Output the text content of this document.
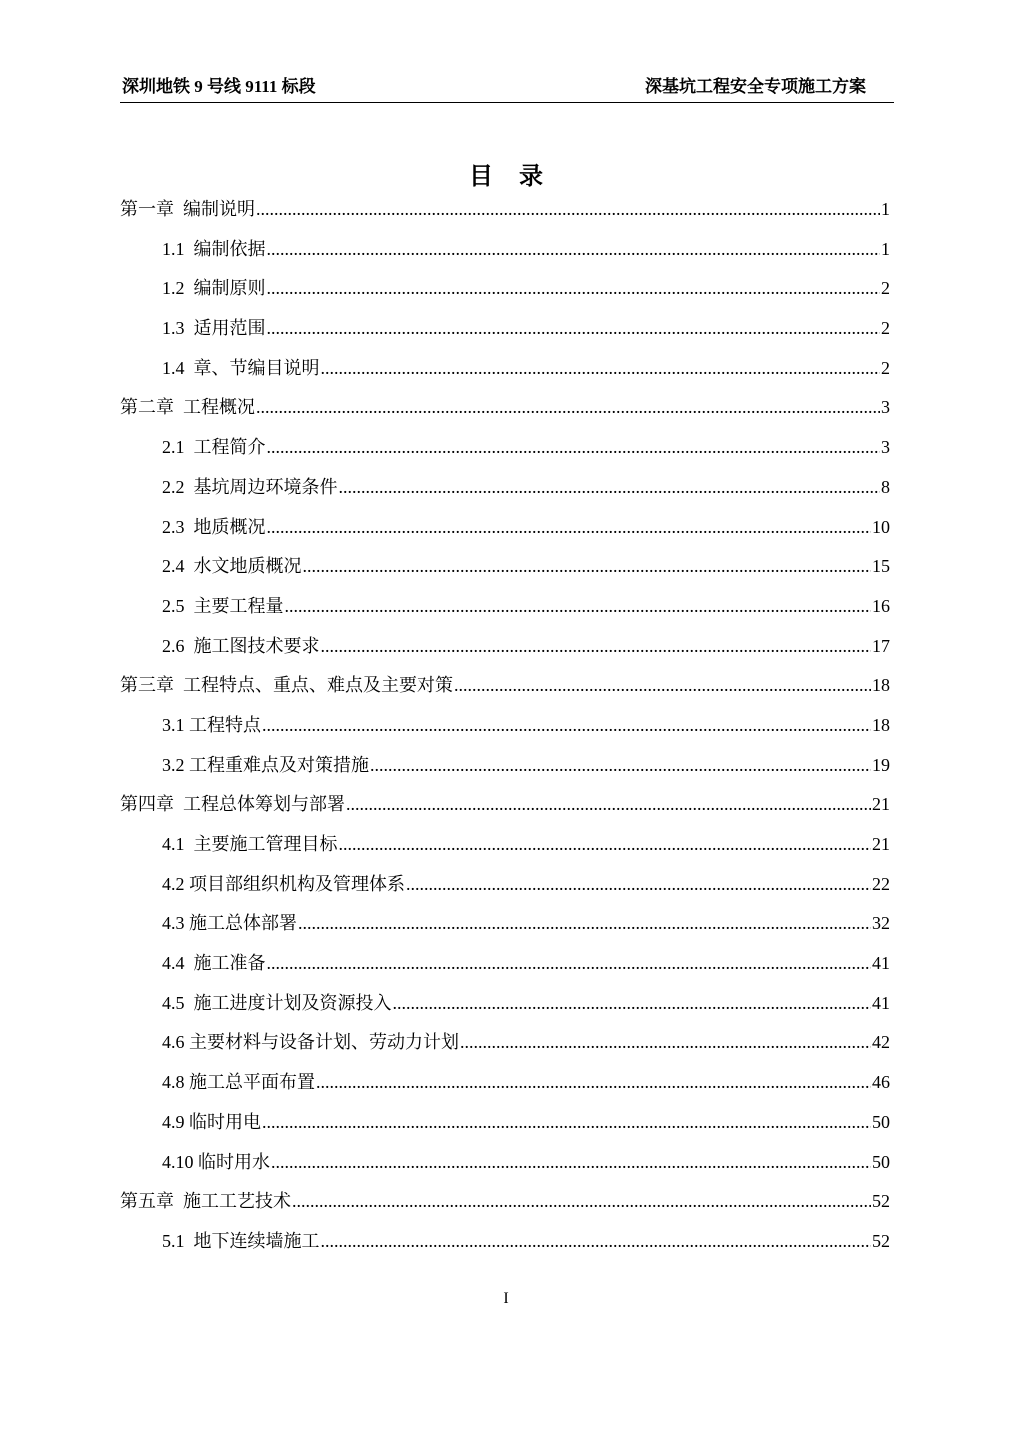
深圳地铁 9 号线 9111 标段	深基坑工程安全专项施工方案
目录
第一章  编制说明 .....	1
1.1  编制依据 .....	1
1.2  编制原则 .....	2
1.3  适用范围 .....	2
1.4  章、节编目说明 .....	2
第二章  工程概况 .....	3
2.1  工程简介 .....	3
2.2  基坑周边环境条件 .....	8
2.3  地质概况 .....	10
2.4  水文地质概况 .....	15
2.5  主要工程量 .....	16
2.6  施工图技术要求 .....	17
第三章  工程特点、重点、难点及主要对策 .....	18
3.1 工程特点 .....	18
3.2 工程重难点及对策措施 .....	19
第四章  工程总体筹划与部署 .....	21
4.1  主要施工管理目标 .....	21
4.2 项目部组织机构及管理体系 .....	22
4.3 施工总体部署 .....	32
4.4  施工准备 .....	41
4.5  施工进度计划及资源投入 .....	41
4.6 主要材料与设备计划、劳动力计划 .....	42
4.8 施工总平面布置 .....	46
4.9 临时用电 .....	50
4.10 临时用水 .....	50
第五章  施工工艺技术 .....	52
5.1  地下连续墙施工 .....	52
I
